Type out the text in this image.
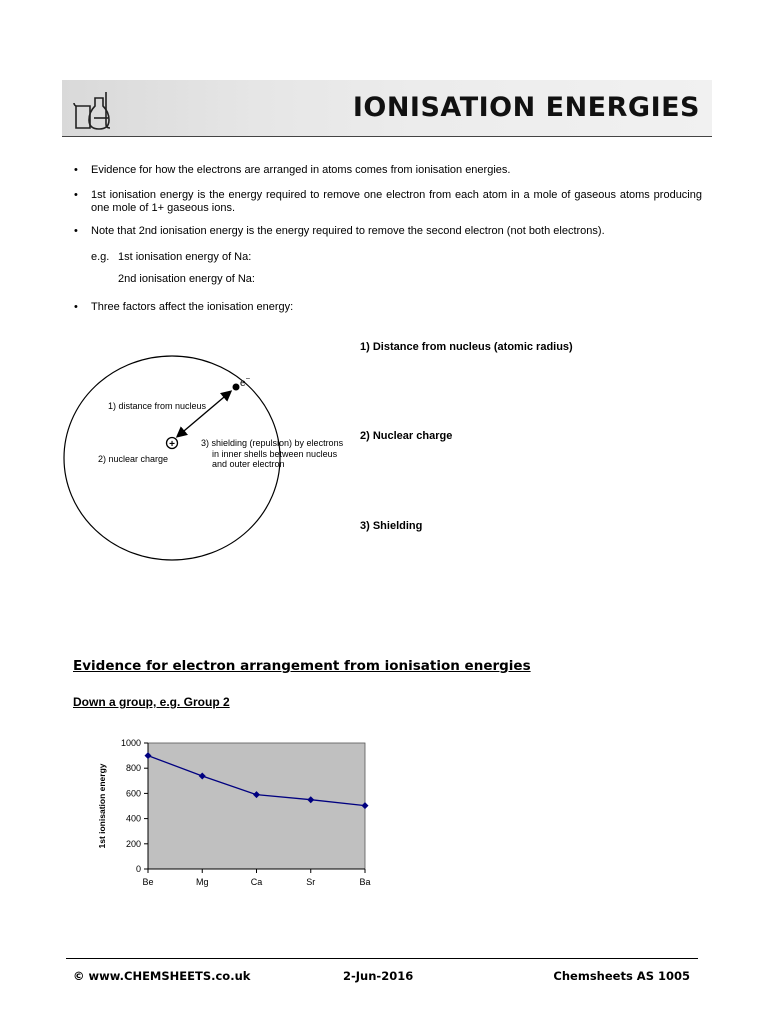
IONISATION ENERGIES
• Evidence for how the electrons are arranged in atoms comes from ionisation energies.
• 1st ionisation energy is the energy required to remove one electron from each atom in a mole of gaseous atoms producing one mole of 1+ gaseous ions.
• Note that 2nd ionisation energy is the energy required to remove the second electron (not both electrons).
e.g. 1st ionisation energy of Na:
2nd ionisation energy of Na:
• Three factors affect the ionisation energy:
e –
+
1) distance from nucleus
2) nuclear charge
3) shielding (repulsion) by electrons
in inner shells between nucleus
and outer electron
1) Distance from nucleus (atomic radius)
2) Nuclear charge
3) Shielding
Evidence for electron arrangement from ionisation energies
Down a group, e.g. Group 2
1st ionisation energy
0
200
400
600
800
1000
Be	Mg	Ca	Sr	Ba
© www.CHEMSHEETS.co.uk	2-Jun-2016	Chemsheets AS 1005
